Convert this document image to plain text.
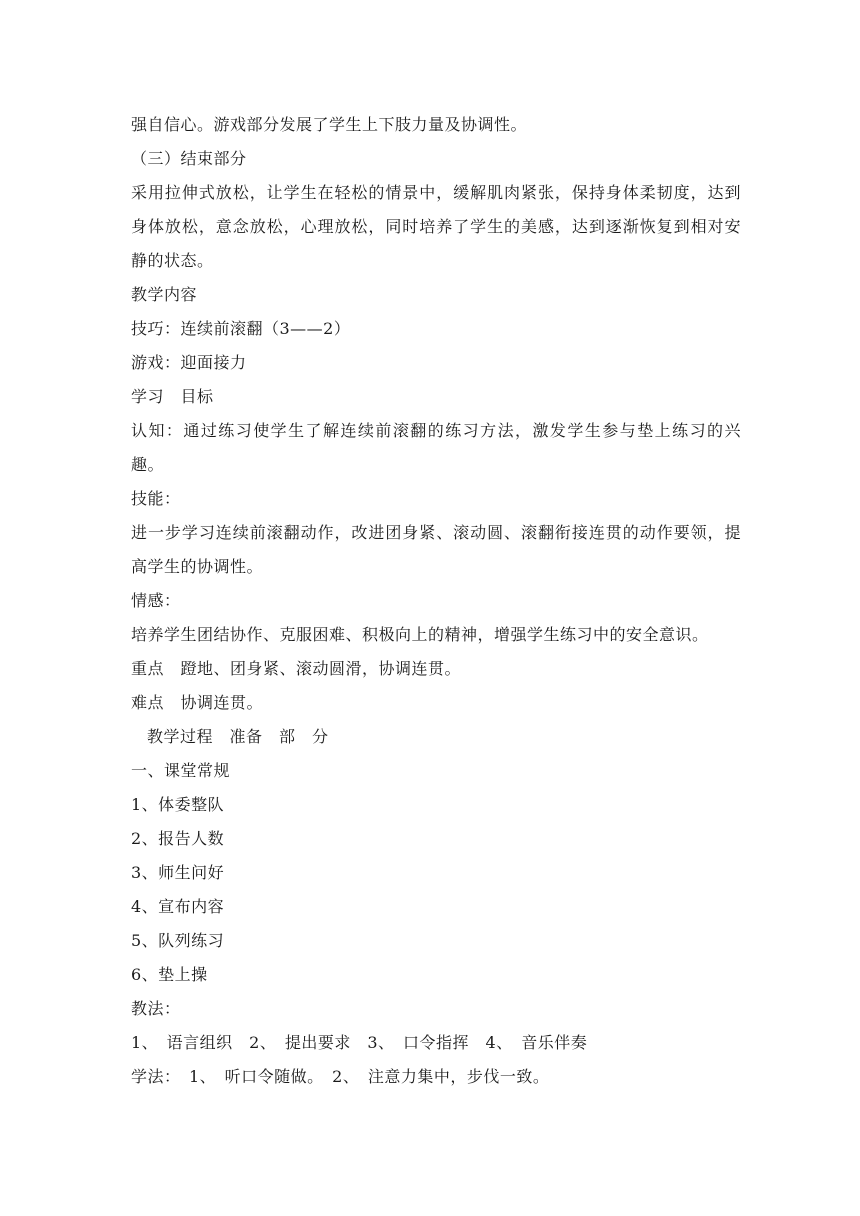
强自信心。游戏部分发展了学生上下肢力量及协调性。
（三）结束部分
采用拉伸式放松，让学生在轻松的情景中，缓解肌肉紧张，保持身体柔韧度，达到身体放松，意念放松，心理放松，同时培养了学生的美感，达到逐渐恢复到相对安静的状态。
教学内容
技巧：连续前滚翻（3——2）
游戏：迎面接力
学习　目标
认知：通过练习使学生了解连续前滚翻的练习方法，激发学生参与垫上练习的兴趣。
技能：
进一步学习连续前滚翻动作，改进团身紧、滚动圆、滚翻衔接连贯的动作要领，提高学生的协调性。
情感：
培养学生团结协作、克服困难、积极向上的精神，增强学生练习中的安全意识。
重点　蹬地、团身紧、滚动圆滑，协调连贯。
难点　协调连贯。
教学过程　准备　部　分
一、课堂常规
1、体委整队
2、报告人数
3、师生问好
4、宣布内容
5、队列练习
6、垫上操
教法：
1、　语言组织　2、　提出要求　3、　口令指挥　4、　音乐伴奏
学法：　1、　听口令随做。　2、　注意力集中，步伐一致。
